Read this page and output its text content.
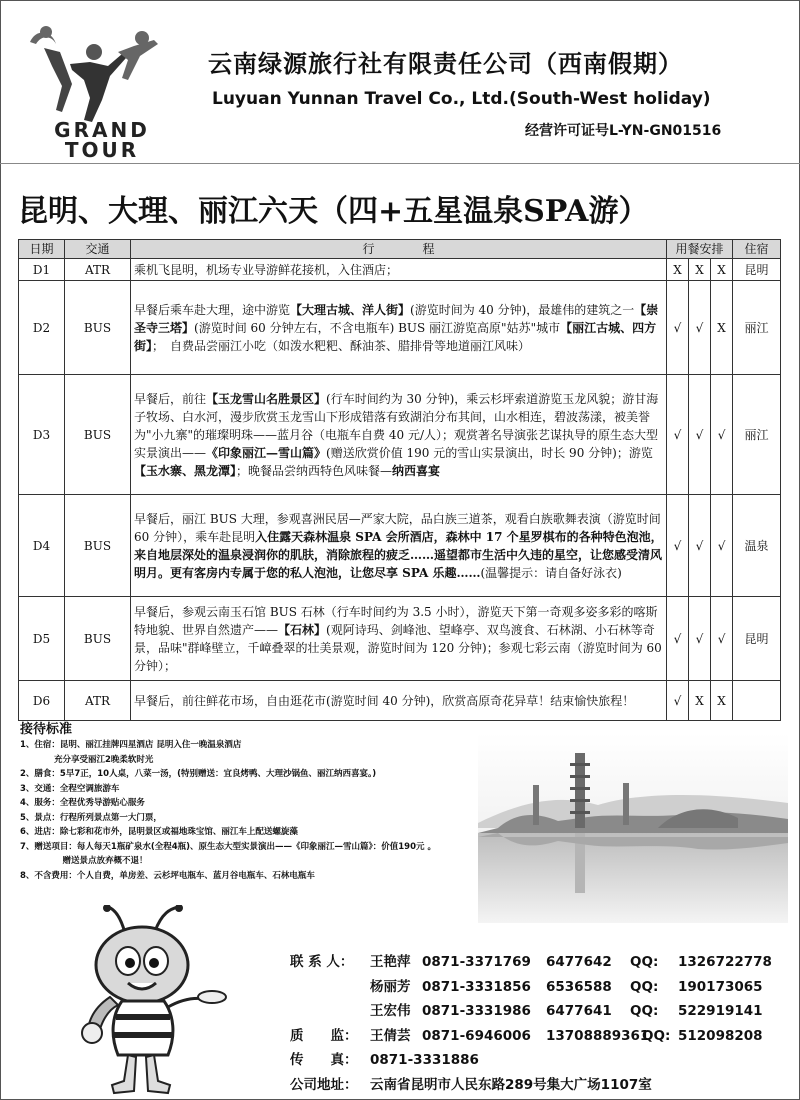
GRAND
TOUR
云南绿源旅行社有限责任公司（西南假期）
Luyuan Yunnan Travel Co., Ltd.(South-West holiday)
经营许可证号L-YN-GN01516
昆明、大理、丽江六天（四+五星温泉SPA游）
日期	交通	行　　　　程	用餐安排			住宿
D1	ATR	乘机飞昆明，机场专业导游鲜花接机，入住酒店；	X	X	X	昆明
D2	BUS	早餐后乘车赴大理，途中游览【大理古城、洋人街】(游览时间为 40 分钟)，最雄伟的建筑之一【崇圣寺三塔】(游览时间 60 分钟左右，不含电瓶车) BUS 丽江游览高原"姑苏"城市【丽江古城、四方街】；　自费品尝丽江小吃（如泼水粑粑、酥油茶、腊排骨等地道丽江风味）	√	√	X	丽江
D3	BUS	早餐后，前往【玉龙雪山名胜景区】(行车时间约为 30 分钟)，乘云杉坪索道游览玉龙风貌；游甘海子牧场、白水河，漫步欣赏玉龙雪山下形成错落有致湖泊分布其间，山水相连，碧波荡漾，被美誉为"小九寨"的璀璨明珠——蓝月谷（电瓶车自费 40 元/人）；观赏著名导演张艺谋执导的原生态大型实景演出——《印象丽江—雪山篇》(赠送欣赏价值 190 元的雪山实景演出，时长 90 分钟)；游览【玉水寨、黑龙潭】；晚餐品尝纳西特色风味餐—纳西喜宴	√	√	√	丽江
D4	BUS	早餐后，丽江 BUS 大理，参观喜洲民居—严家大院，品白族三道茶，观看白族歌舞表演（游览时间 60 分钟），乘车赴昆明入住露天森林温泉 SPA 会所酒店，森林中 17 个星罗棋布的各种特色泡池，来自地层深处的温泉浸润你的肌肤，消除旅程的疲乏……遥望都市生活中久违的星空，让您感受清风明月。更有客房内专属于您的私人泡池，让您尽享 SPA 乐趣……(温馨提示：请自备好泳衣)	√	√	√	温泉
D5	BUS	早餐后，参观云南玉石馆 BUS 石林（行车时间约为 3.5 小时），游览天下第一奇观多姿多彩的喀斯特地貌、世界自然遗产——【石林】(观阿诗玛、剑峰池、望峰亭、双鸟渡食、石林湖、小石林等奇景，品味"群峰壁立，千嶂叠翠的壮美景观，游览时间为 120 分钟)；参观七彩云南（游览时间为 60 分钟）；	√	√	√	昆明
D6	ATR	早餐后，前往鲜花市场，自由逛花市(游览时间 40 分钟)，欣赏高原奇花异草！结束愉快旅程！	√	X	X	
接待标准
1、住宿：昆明、丽江挂牌四星酒店 昆明入住一晚温泉酒店
　　　　充分享受丽江2晚柔软时光
2、膳食：5早7正，10人桌，八菜一汤，(特别赠送：宜良烤鸭、大理沙锅鱼、丽江纳西喜宴。)
3、交通：全程空调旅游车
4、服务：全程优秀导游贴心服务
5、景点：行程所列景点第一大门票，
6、进店：除七彩和花市外，昆明景区或福地珠宝馆、丽江车上配送螺旋藻
7、赠送项目：每人每天1瓶矿泉水(全程4瓶)、原生态大型实景演出——《印象丽江—雪山篇》：价值190元 。
　　　　　赠送景点放弃概不退！
8、不含费用：个人自费，单房差、云杉坪电瓶车、蓝月谷电瓶车、石林电瓶车
联 系 人： 王艳萍 0871-3371769 6477642 QQ: 1326722778
杨丽芳 0871-3331856 6536588 QQ: 190173065
王宏伟 0871-3331986 6477641 QQ: 522919141
质　　监： 王倩芸 0871-6946006 13708889361QQ: 512098208
传　　真： 0871-3331886
公司地址： 云南省昆明市人民东路289号集大广场1107室
